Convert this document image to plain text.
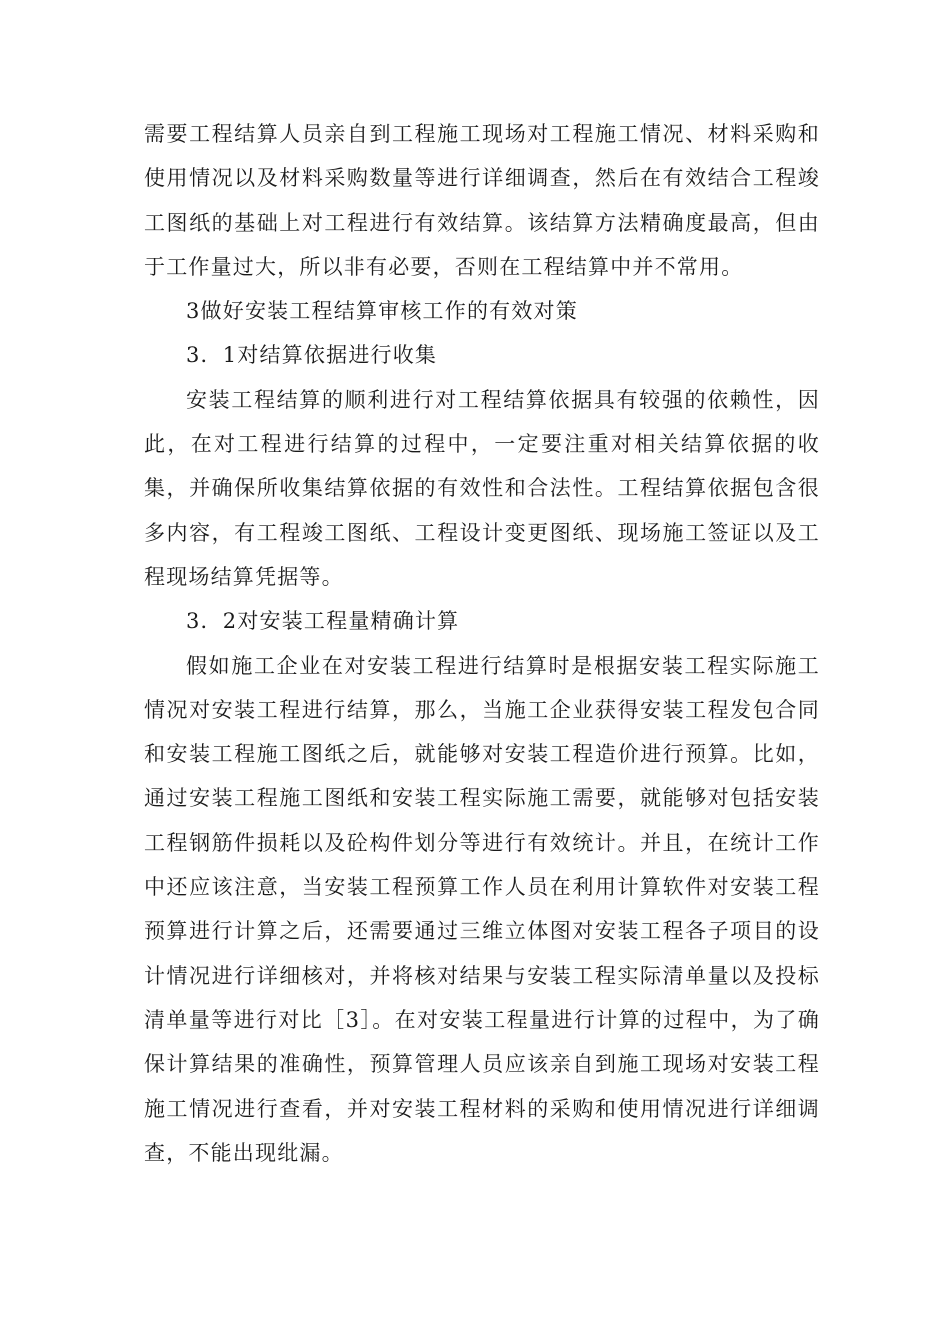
需要工程结算人员亲自到工程施工现场对工程施工情况、材料采购和使用情况以及材料采购数量等进行详细调查，然后在有效结合工程竣工图纸的基础上对工程进行有效结算。该结算方法精确度最高，但由于工作量过大，所以非有必要，否则在工程结算中并不常用。

3做好安装工程结算审核工作的有效对策

3．1对结算依据进行收集

安装工程结算的顺利进行对工程结算依据具有较强的依赖性，因此，在对工程进行结算的过程中，一定要注重对相关结算依据的收集，并确保所收集结算依据的有效性和合法性。工程结算依据包含很多内容，有工程竣工图纸、工程设计变更图纸、现场施工签证以及工程现场结算凭据等。

3．2对安装工程量精确计算

假如施工企业在对安装工程进行结算时是根据安装工程实际施工情况对安装工程进行结算，那么，当施工企业获得安装工程发包合同和安装工程施工图纸之后，就能够对安装工程造价进行预算。比如，通过安装工程施工图纸和安装工程实际施工需要，就能够对包括安装工程钢筋件损耗以及砼构件划分等进行有效统计。并且，在统计工作中还应该注意，当安装工程预算工作人员在利用计算软件对安装工程预算进行计算之后，还需要通过三维立体图对安装工程各子项目的设计情况进行详细核对，并将核对结果与安装工程实际清单量以及投标清单量等进行对比［3］。在对安装工程量进行计算的过程中，为了确保计算结果的准确性，预算管理人员应该亲自到施工现场对安装工程施工情况进行查看，并对安装工程材料的采购和使用情况进行详细调查，不能出现纰漏。
